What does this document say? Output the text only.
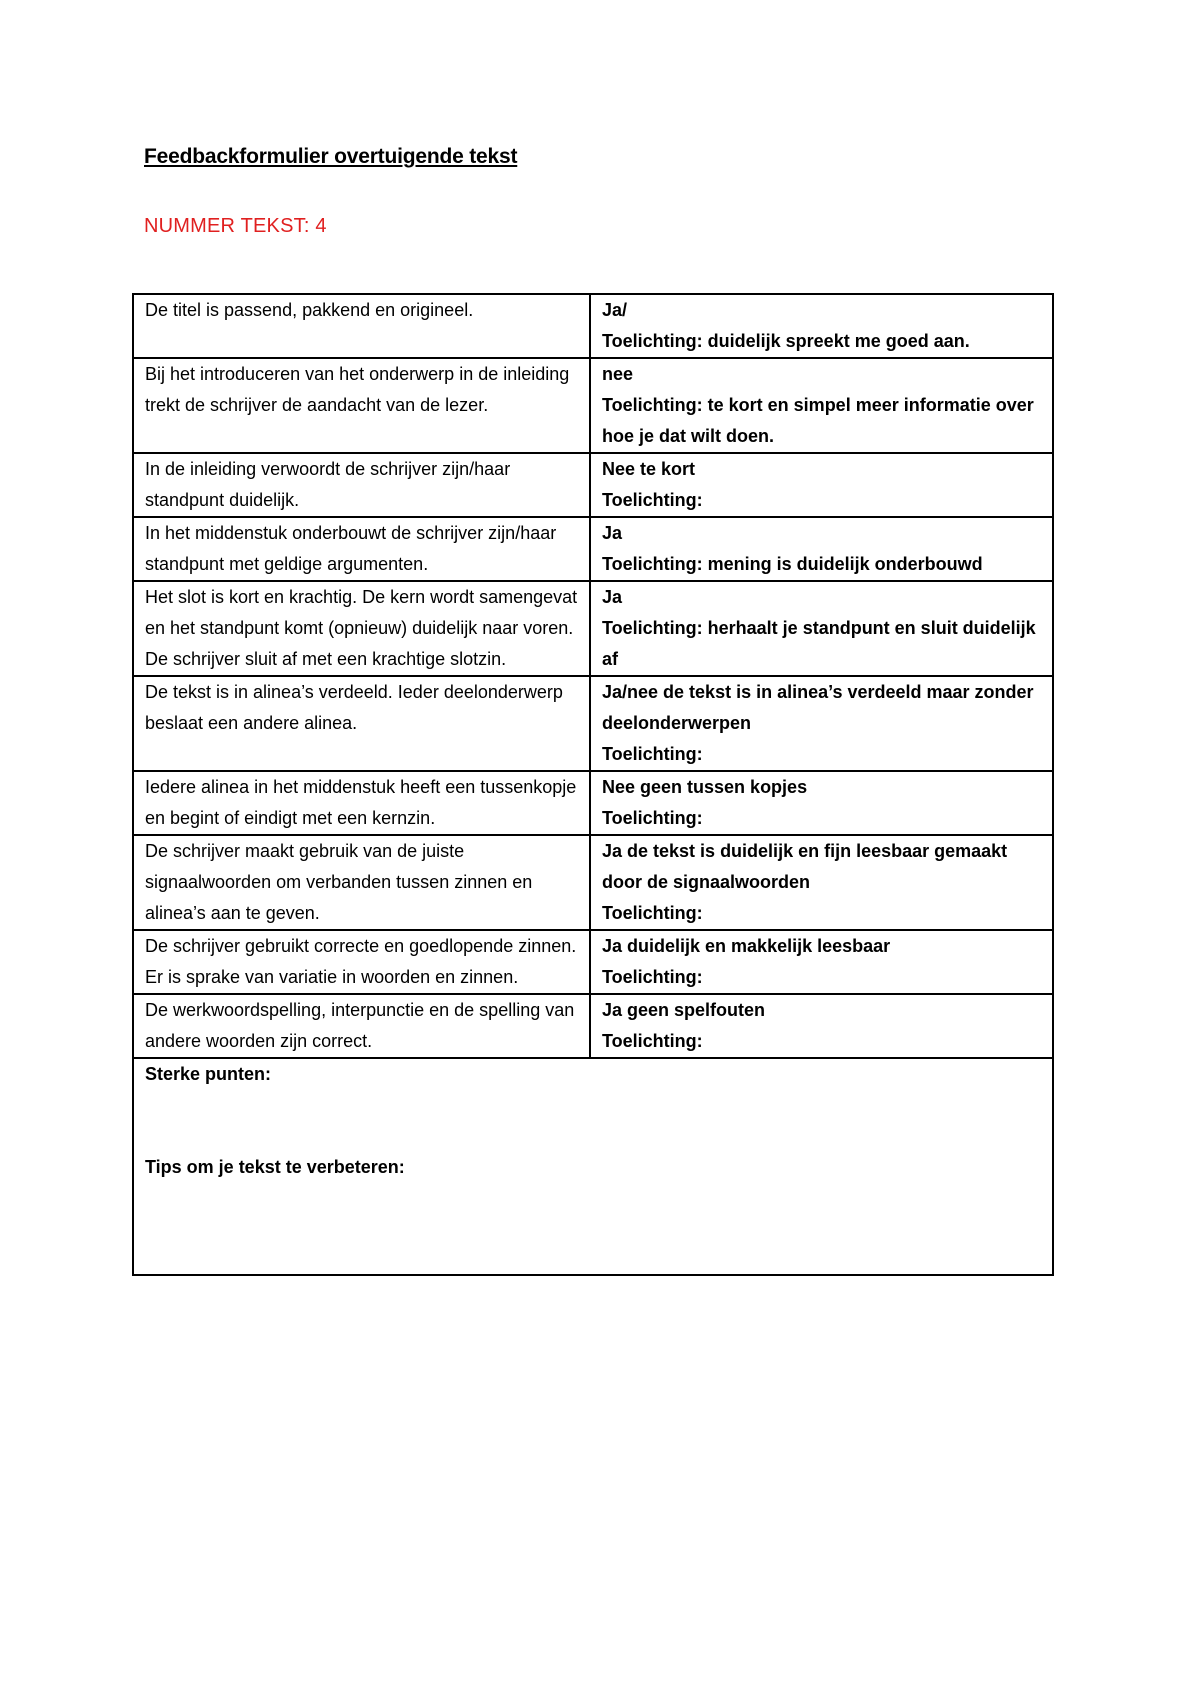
Feedbackformulier overtuigende tekst
NUMMER TEKST: 4
De titel is passend, pakkend en origineel.	Ja/
Toelichting: duidelijk spreekt me goed aan.

Bij het introduceren van het onderwerp in de inleiding trekt de schrijver de aandacht van de lezer.	nee
Toelichting: te kort en simpel meer informatie over hoe je dat wilt doen.

In de inleiding verwoordt de schrijver zijn/haar standpunt duidelijk.	Nee te kort
Toelichting:

In het middenstuk onderbouwt de schrijver zijn/haar standpunt met geldige argumenten.	Ja
Toelichting: mening is duidelijk onderbouwd

Het slot is kort en krachtig. De kern wordt samengevat en het standpunt komt (opnieuw) duidelijk naar voren. De schrijver sluit af met een krachtige slotzin.	Ja
Toelichting: herhaalt je standpunt en sluit duidelijk af

De tekst is in alinea’s verdeeld. Ieder deelonderwerp beslaat een andere alinea.	Ja/nee de tekst is in alinea’s verdeeld maar zonder deelonderwerpen
Toelichting:

Iedere alinea in het middenstuk heeft een tussenkopje en begint of eindigt met een kernzin.	Nee geen tussen kopjes
Toelichting:

De schrijver maakt gebruik van de juiste signaalwoorden om verbanden tussen zinnen en alinea’s aan te geven.	Ja de tekst is duidelijk en fijn leesbaar gemaakt door de signaalwoorden
Toelichting:

De schrijver gebruikt correcte en goedlopende zinnen. Er is sprake van variatie in woorden en zinnen.	Ja duidelijk en makkelijk leesbaar
Toelichting:

De werkwoordspelling, interpunctie en de spelling van andere woorden zijn correct.	Ja geen spelfouten
Toelichting:

Sterke punten:
Tips om je tekst te verbeteren:	
